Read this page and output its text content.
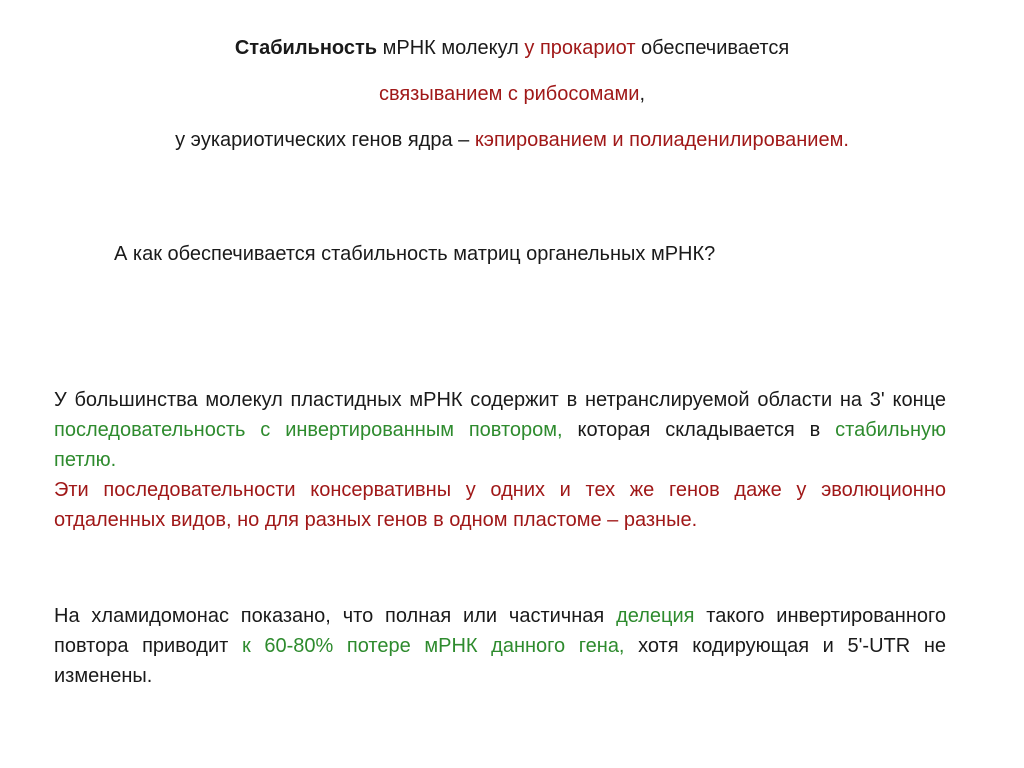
Стабильность мРНК молекул у прокариот обеспечивается
связыванием с рибосомами,
у эукариотических генов ядра – кэпированием и полиаденилированием.
А как обеспечивается стабильность матриц органельных мРНК?

У большинства молекул пластидных мРНК содержит в нетранслируемой области на 3' конце последовательность с инвертированным повтором, которая складывается в стабильную петлю.
Эти последовательности консервативны у одних и тех же генов даже у эволюционно отдаленных видов, но для разных генов в одном пластоме – разные.

На хламидомонас показано, что полная или частичная делеция такого инвертированного повтора приводит к 60-80% потере мРНК данного гена, хотя кодирующая и 5'-UTR не изменены.
